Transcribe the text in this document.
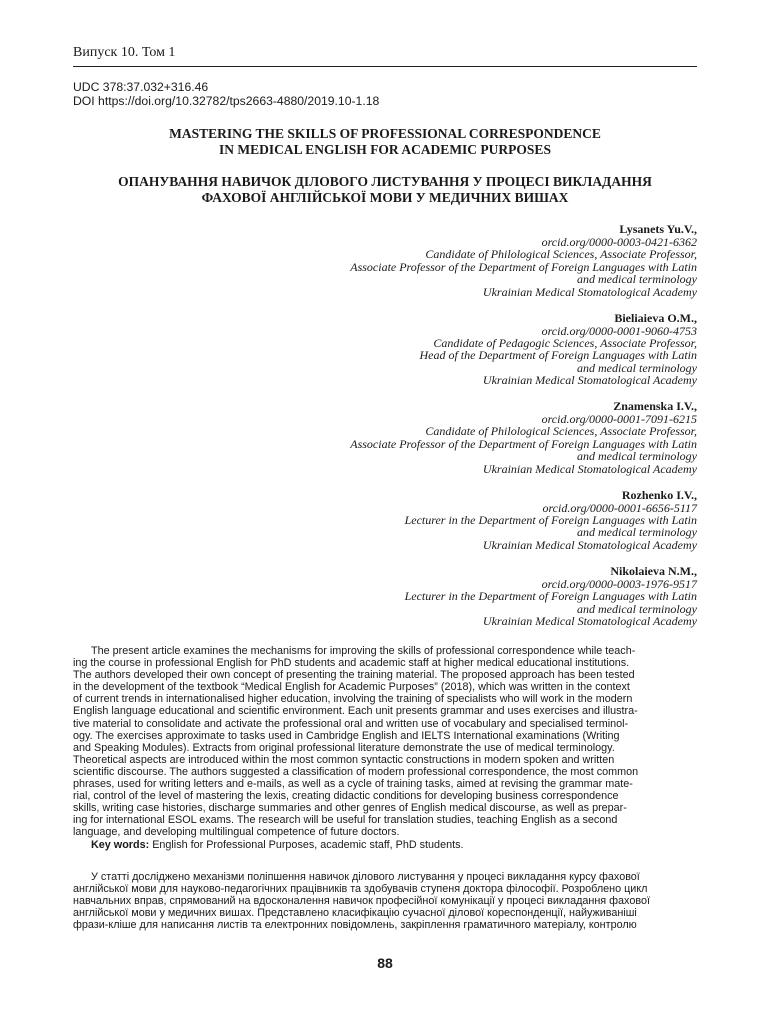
Випуск 10. Том 1
UDC 378:37.032+316.46
DOI https://doi.org/10.32782/tps2663-4880/2019.10-1.18
MASTERING THE SKILLS OF PROFESSIONAL CORRESPONDENCE
IN MEDICAL ENGLISH FOR ACADEMIC PURPOSES
ОПАНУВАННЯ НАВИЧОК ДІЛОВОГО ЛИСТУВАННЯ У ПРОЦЕСІ ВИКЛАДАННЯ
ФАХОВОЇ АНГЛІЙСЬКОЇ МОВИ У МЕДИЧНИХ ВИШАХ
Lysanets Yu.V.,
orcid.org/0000-0003-0421-6362
Candidate of Philological Sciences, Associate Professor,
Associate Professor of the Department of Foreign Languages with Latin
and medical terminology
Ukrainian Medical Stomatological Academy
Bieliaieva O.M.,
orcid.org/0000-0001-9060-4753
Candidate of Pedagogic Sciences, Associate Professor,
Head of the Department of Foreign Languages with Latin
and medical terminology
Ukrainian Medical Stomatological Academy
Znamenska I.V.,
orcid.org/0000-0001-7091-6215
Candidate of Philological Sciences, Associate Professor,
Associate Professor of the Department of Foreign Languages with Latin
and medical terminology
Ukrainian Medical Stomatological Academy
Rozhenko I.V.,
orcid.org/0000-0001-6656-5117
Lecturer in the Department of Foreign Languages with Latin
and medical terminology
Ukrainian Medical Stomatological Academy
Nikolaieva N.M.,
orcid.org/0000-0003-1976-9517
Lecturer in the Department of Foreign Languages with Latin
and medical terminology
Ukrainian Medical Stomatological Academy
The present article examines the mechanisms for improving the skills of professional correspondence while teach-
ing the course in professional English for PhD students and academic staff at higher medical educational institutions.
The authors developed their own concept of presenting the training material. The proposed approach has been tested
in the development of the textbook “Medical English for Academic Purposes” (2018), which was written in the context
of current trends in internationalised higher education, involving the training of specialists who will work in the modern
English language educational and scientific environment. Each unit presents grammar and uses exercises and illustra-
tive material to consolidate and activate the professional oral and written use of vocabulary and specialised terminol-
ogy. The exercises approximate to tasks used in Cambridge English and IELTS International examinations (Writing
and Speaking Modules). Extracts from original professional literature demonstrate the use of medical terminology.
Theoretical aspects are introduced within the most common syntactic constructions in modern spoken and written
scientific discourse. The authors suggested a classification of modern professional correspondence, the most common
phrases, used for writing letters and e-mails, as well as a cycle of training tasks, aimed at revising the grammar mate-
rial, control of the level of mastering the lexis, creating didactic conditions for developing business correspondence
skills, writing case histories, discharge summaries and other genres of English medical discourse, as well as prepar-
ing for international ESOL exams. The research will be useful for translation studies, teaching English as a second
language, and developing multilingual competence of future doctors.
Key words: English for Professional Purposes, academic staff, PhD students.
У статті досліджено механізми поліпшення навичок ділового листування у процесі викладання курсу фахової
англійської мови для науково-педагогічних працівників та здобувачів ступеня доктора філософії. Розроблено цикл
навчальних вправ, спрямований на вдосконалення навичок професійної комунікації у процесі викладання фахової
англійської мови у медичних вишах. Представлено класифікацію сучасної ділової кореспонденції, найуживаніші
фрази-кліше для написання листів та електронних повідомлень, закріплення граматичного матеріалу, контролю
88
